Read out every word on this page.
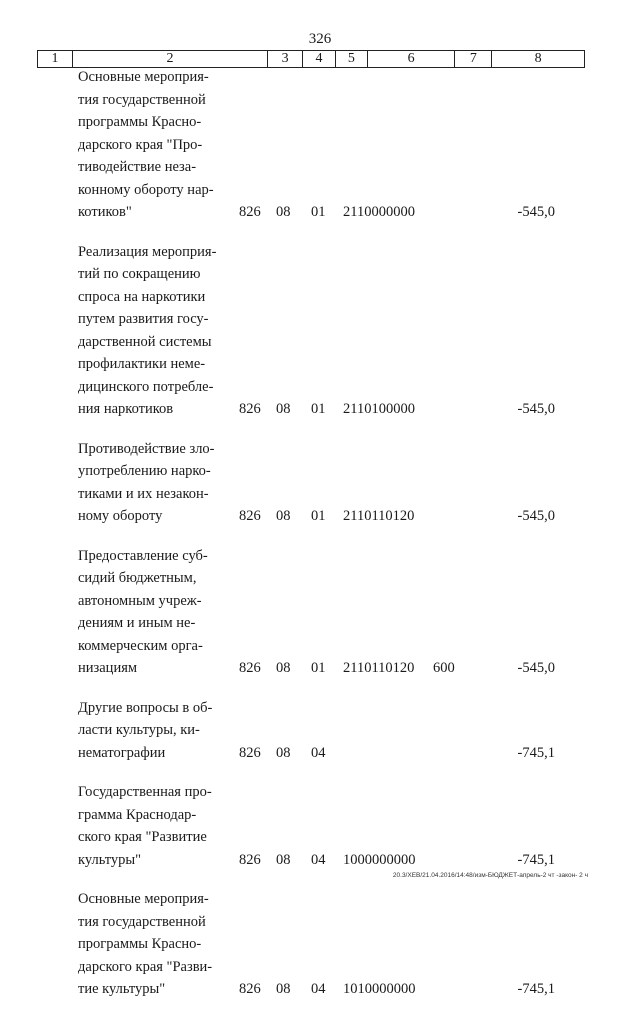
326
1	2	3	4	5	6	7	8
Основные мероприя-
тия государственной
программы Красно-
дарского края "Про-
тиводействие неза-
конному обороту нар-
котиков"	826 08 01 2110000000	-545,0
Реализация мероприя-
тий по сокращению
спроса на наркотики
путем развития госу-
дарственной системы
профилактики неме-
дицинского потребле-
ния наркотиков	826 08 01 2110100000	-545,0
Противодействие зло-
употреблению нарко-
тиками и их незакон-
ному обороту	826 08 01 2110110120	-545,0
Предоставление суб-
сидий бюджетным,
автономным учреж-
дениям и иным не-
коммерческим орга-
низациям	826 08 01 2110110120 600	-545,0
Другие вопросы в об-
ласти культуры, ки-
нематографии	826 08 04	-745,1
Государственная про-
грамма Краснодар-
ского края "Развитие
культуры"	826 08 04 1000000000	-745,1
Основные мероприя-
тия государственной
программы Красно-
дарского края "Разви-
тие культуры"	826 08 04 1010000000	-745,1
20.3/ХЕВ/21.04.2016/14:48/изм-БЮДЖЕТ-апрель-2 чт -закон- 2 ч
